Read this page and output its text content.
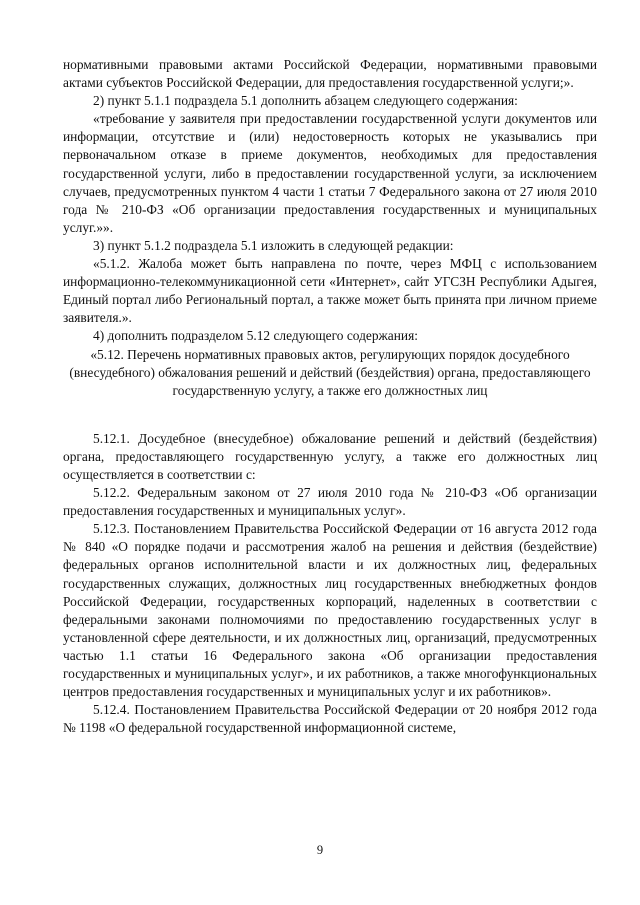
нормативными правовыми актами Российской Федерации, нормативными правовыми актами субъектов Российской Федерации, для предоставления государственной услуги;».

2) пункт 5.1.1 подраздела 5.1 дополнить абзацем следующего содержания:

«требование у заявителя при предоставлении государственной услуги документов или информации, отсутствие и (или) недостоверность которых не указывались при первоначальном отказе в приеме документов, необходимых для предоставления государственной услуги, либо в предоставлении государственной услуги, за исключением случаев, предусмотренных пунктом 4 части 1 статьи 7 Федерального закона от 27 июля 2010 года № 210-ФЗ «Об организации предоставления государственных и муниципальных услуг.»».

3) пункт 5.1.2 подраздела 5.1 изложить в следующей редакции:

«5.1.2. Жалоба может быть направлена по почте, через МФЦ с использованием информационно-телекоммуникационной сети «Интернет», сайт УГСЗН Республики Адыгея, Единый портал либо Региональный портал, а также может быть принята при личном приеме заявителя.».

4) дополнить подразделом 5.12 следующего содержания:

«5.12. Перечень нормативных правовых актов, регулирующих порядок досудебного (внесудебного) обжалования решений и действий (бездействия) органа, предоставляющего государственную услугу, а также его должностных лиц

5.12.1. Досудебное (внесудебное) обжалование решений и действий (бездействия) органа, предоставляющего государственную услугу, а также его должностных лиц осуществляется в соответствии с:

5.12.2. Федеральным законом от 27 июля 2010 года № 210-ФЗ «Об организации предоставления государственных и муниципальных услуг».

5.12.3. Постановлением Правительства Российской Федерации от 16 августа 2012 года № 840 «О порядке подачи и рассмотрения жалоб на решения и действия (бездействие) федеральных органов исполнительной власти и их должностных лиц, федеральных государственных служащих, должностных лиц государственных внебюджетных фондов Российской Федерации, государственных корпораций, наделенных в соответствии с федеральными законами полномочиями по предоставлению государственных услуг в установленной сфере деятельности, и их должностных лиц, организаций, предусмотренных частью 1.1 статьи 16 Федерального закона «Об организации предоставления государственных и муниципальных услуг», и их работников, а также многофункциональных центров предоставления государственных и муниципальных услуг и их работников».

5.12.4. Постановлением Правительства Российской Федерации от 20 ноября 2012 года № 1198 «О федеральной государственной информационной системе,

9
